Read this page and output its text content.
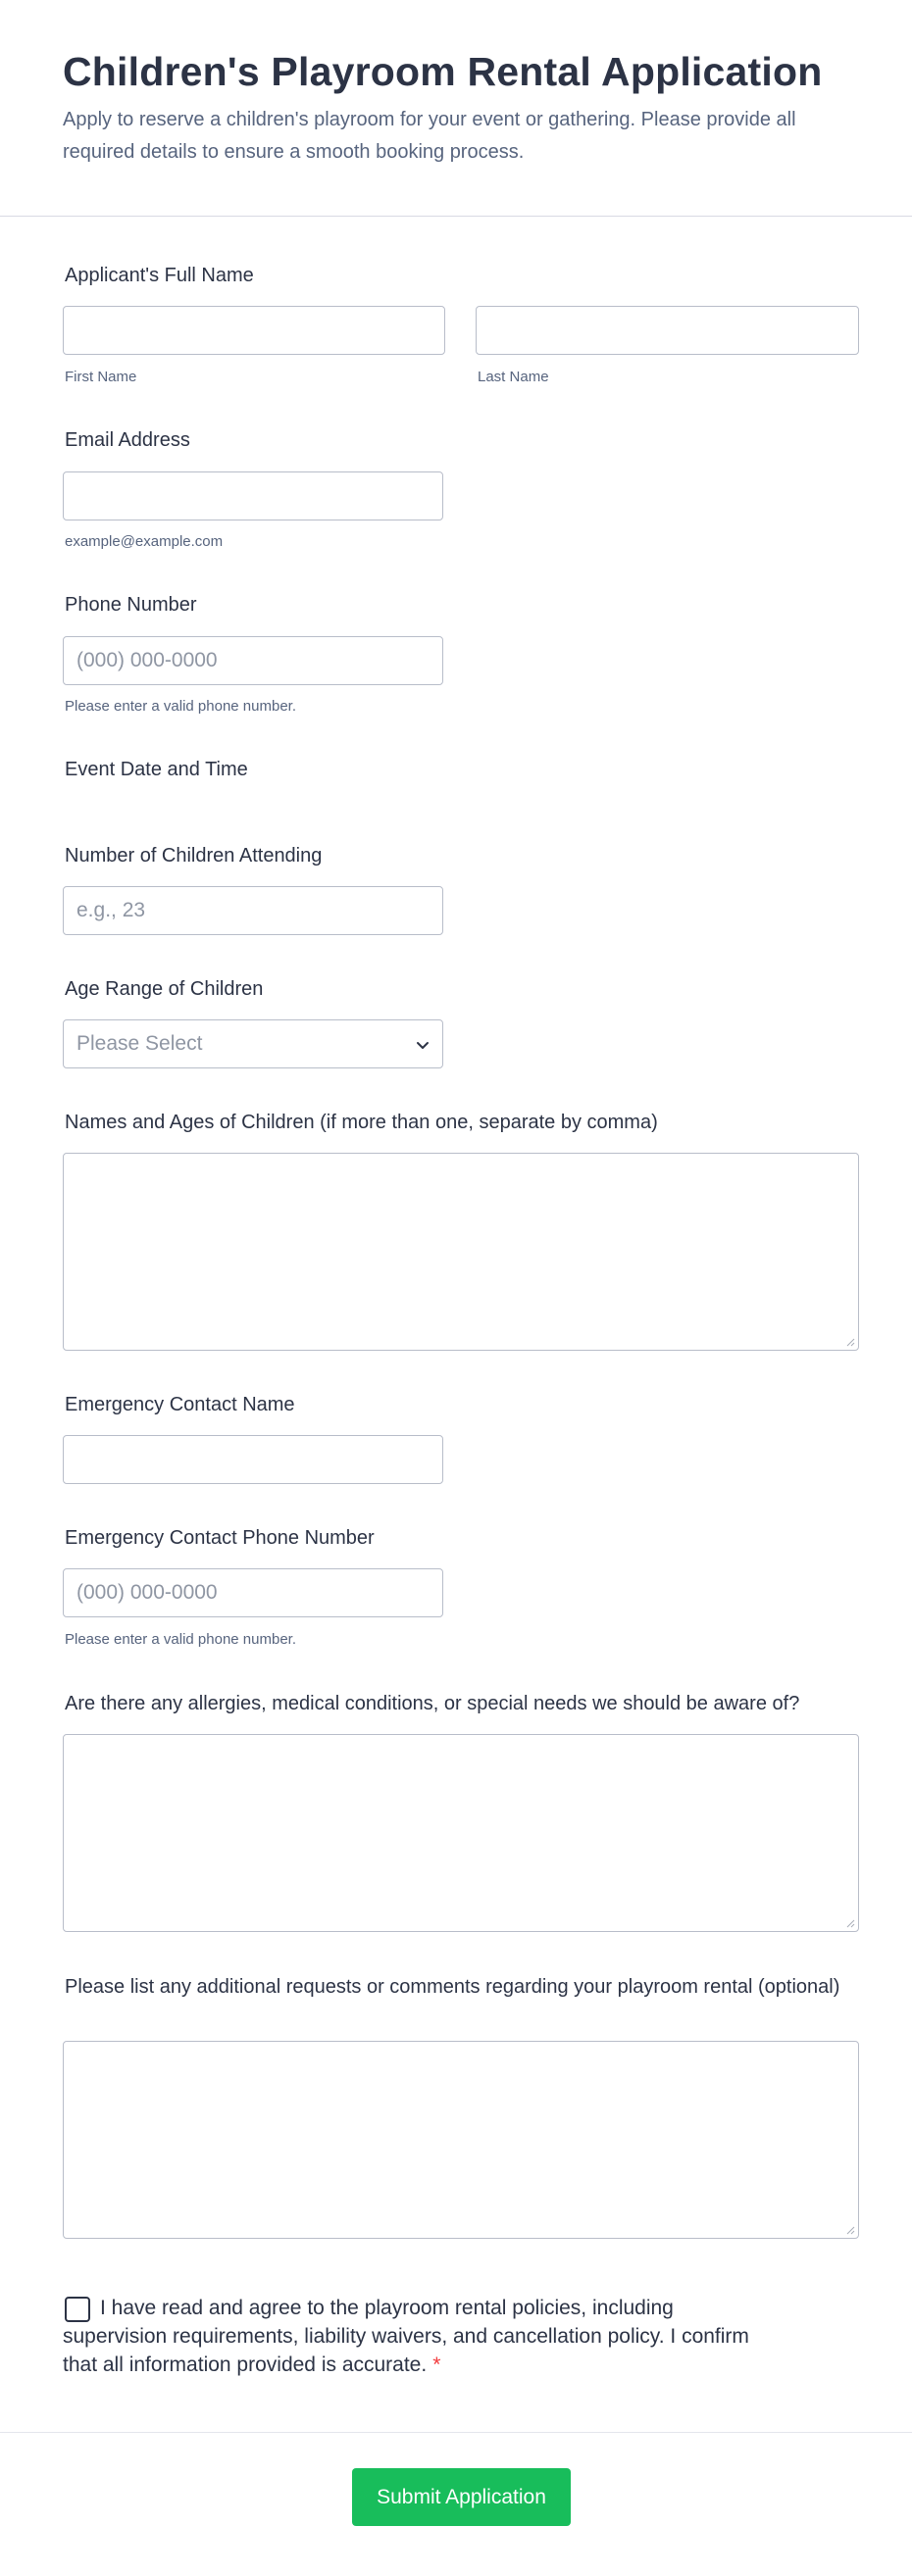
Children's Playroom Rental Application

Apply to reserve a children's playroom for your event or gathering. Please provide all required details to ensure a smooth booking process.

Applicant's Full Name
First Name	Last Name
Email Address
example@example.com
Phone Number
(000) 000-0000
Please enter a valid phone number.
Event Date and Time
Number of Children Attending
e.g., 23
Age Range of Children
Please Select
Names and Ages of Children (if more than one, separate by comma)
Emergency Contact Name
Emergency Contact Phone Number
(000) 000-0000
Please enter a valid phone number.
Are there any allergies, medical conditions, or special needs we should be aware of?
Please list any additional requests or comments regarding your playroom rental (optional)

I have read and agree to the playroom rental policies, including supervision requirements, liability waivers, and cancellation policy. I confirm that all information provided is accurate. *

Submit Application
